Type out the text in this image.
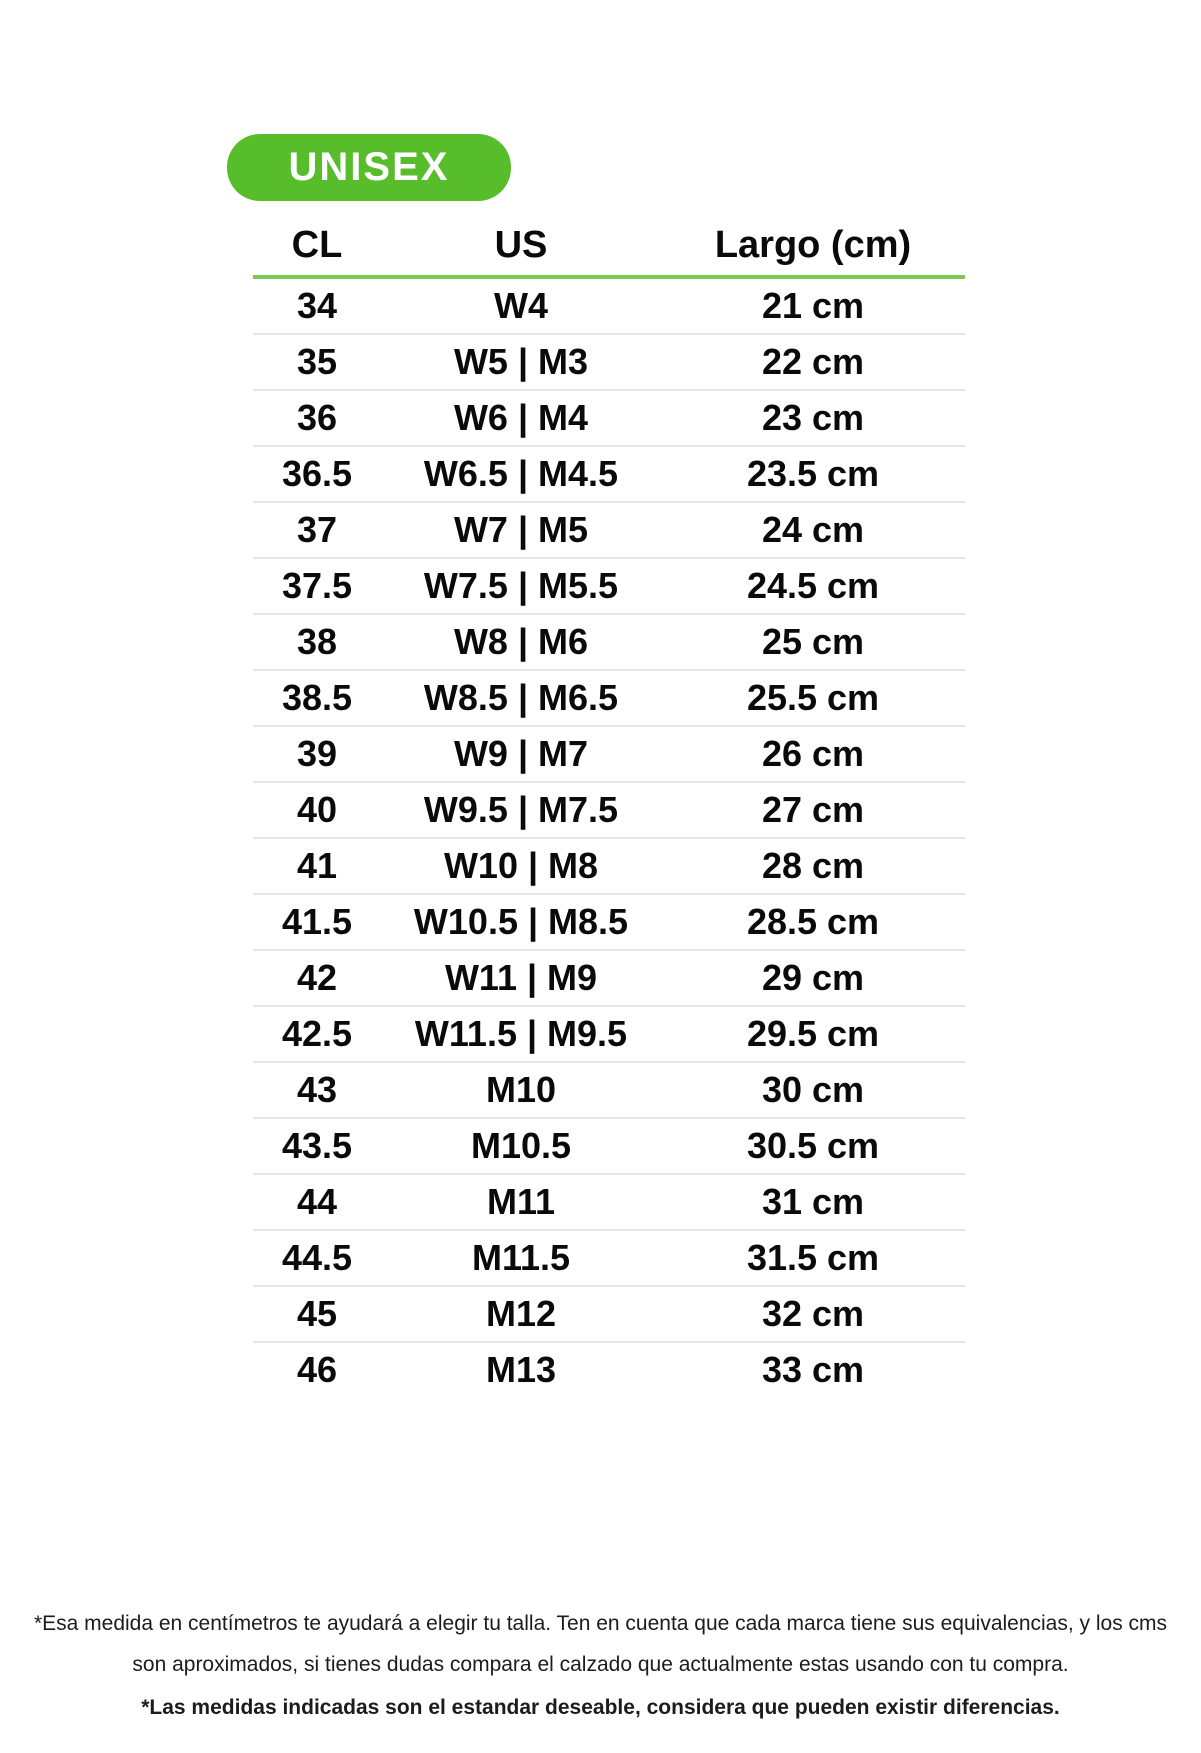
UNISEX
CL	US	Largo (cm)
34	W4	21 cm
35	W5 | M3	22 cm
36	W6 | M4	23 cm
36.5	W6.5 | M4.5	23.5 cm
37	W7 | M5	24 cm
37.5	W7.5 | M5.5	24.5 cm
38	W8 | M6	25 cm
38.5	W8.5 | M6.5	25.5 cm
39	W9 | M7	26 cm
40	W9.5 | M7.5	27 cm
41	W10 | M8	28 cm
41.5	W10.5 | M8.5	28.5 cm
42	W11 | M9	29 cm
42.5	W11.5 | M9.5	29.5 cm
43	M10	30 cm
43.5	M10.5	30.5 cm
44	M11	31 cm
44.5	M11.5	31.5 cm
45	M12	32 cm
46	M13	33 cm

*Esa medida en centímetros te ayudará a elegir tu talla. Ten en cuenta que cada marca tiene sus equivalencias, y los cms son aproximados, si tienes dudas compara el calzado que actualmente estas usando con tu compra.

*Las medidas indicadas son el estandar deseable, considera que pueden existir diferencias.
